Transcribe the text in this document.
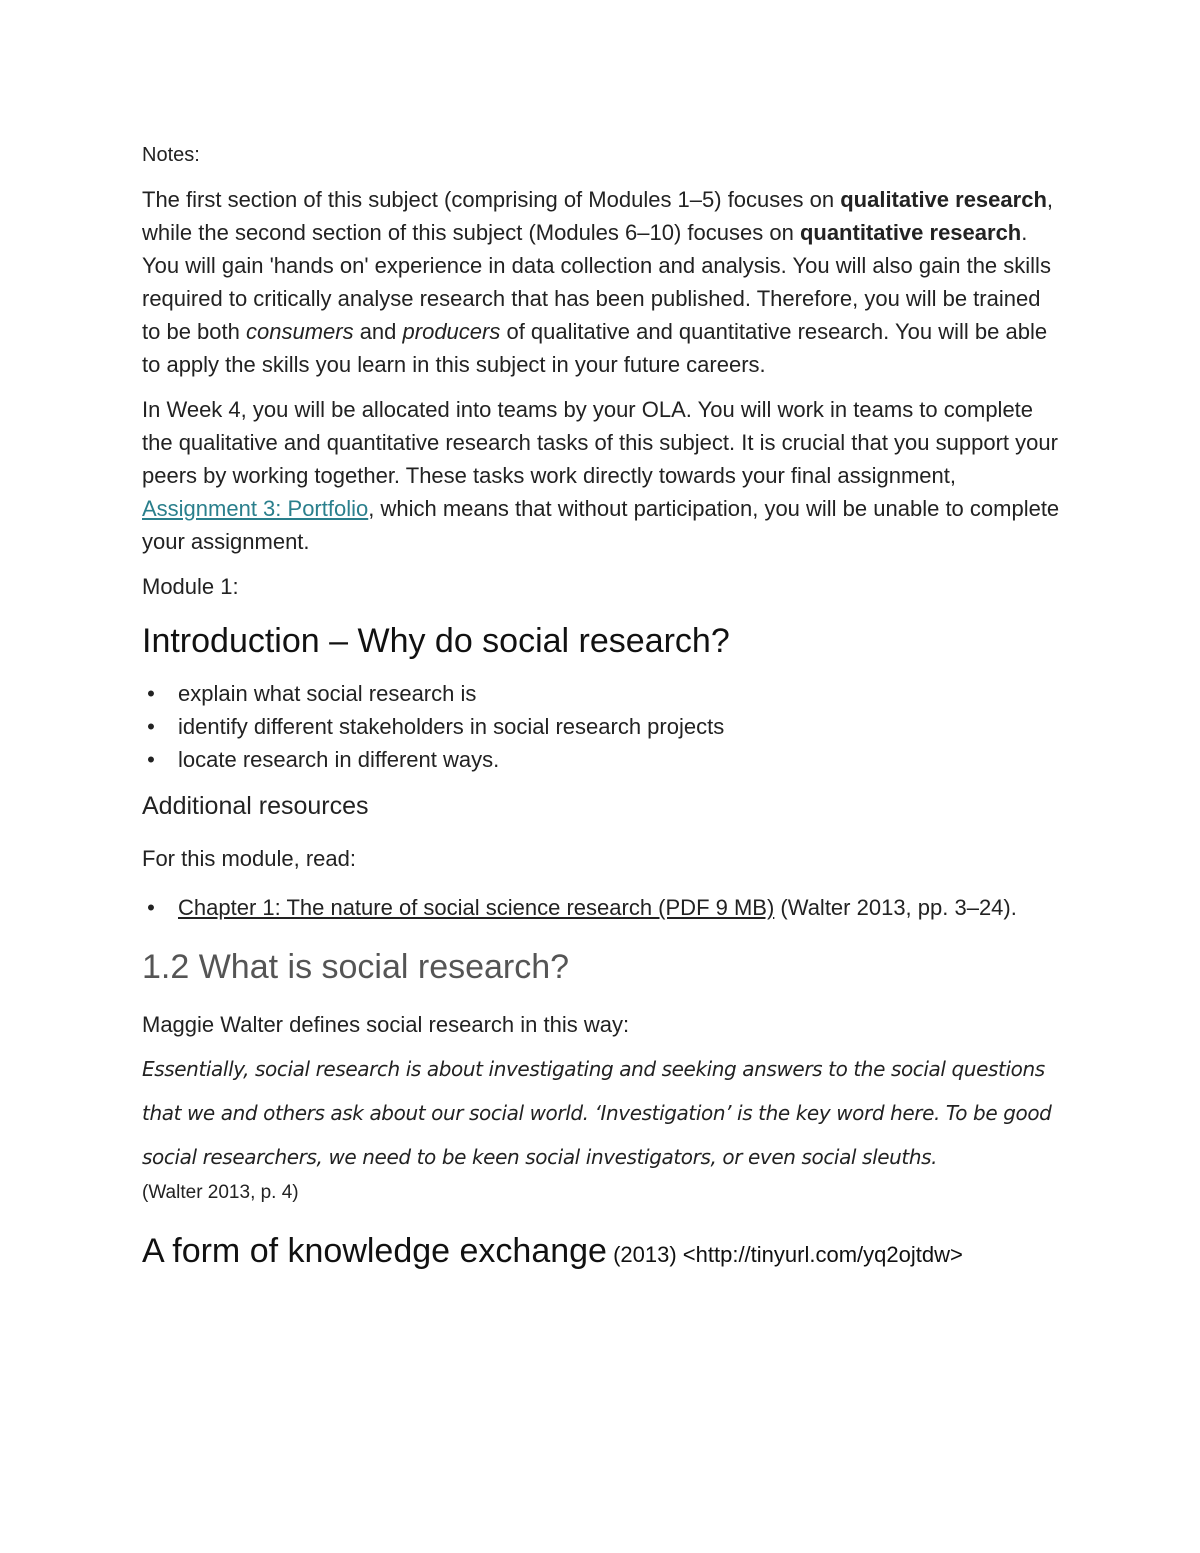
Notes:

The first section of this subject (comprising of Modules 1–5) focuses on qualitative research, while the second section of this subject (Modules 6–10) focuses on quantitative research. You will gain 'hands on' experience in data collection and analysis. You will also gain the skills required to critically analyse research that has been published. Therefore, you will be trained to be both consumers and producers of qualitative and quantitative research. You will be able to apply the skills you learn in this subject in your future careers.

In Week 4, you will be allocated into teams by your OLA. You will work in teams to complete the qualitative and quantitative research tasks of this subject. It is crucial that you support your peers by working together. These tasks work directly towards your final assignment, Assignment 3: Portfolio, which means that without participation, you will be unable to complete your assignment.

Module 1:

Introduction – Why do social research?
• explain what social research is
• identify different stakeholders in social research projects
• locate research in different ways.
Additional resources

For this module, read:

• Chapter 1: The nature of social science research (PDF 9 MB) (Walter 2013, pp. 3–24).
1.2 What is social research?

Maggie Walter defines social research in this way:

Essentially, social research is about investigating and seeking answers to the social questions

that we and others ask about our social world. ‘Investigation’ is the key word here. To be good

social researchers, we need to be keen social investigators, or even social sleuths.

(Walter 2013, p. 4)

A form of knowledge exchange (2013) <http://tinyurl.com/yq2ojtdw>
